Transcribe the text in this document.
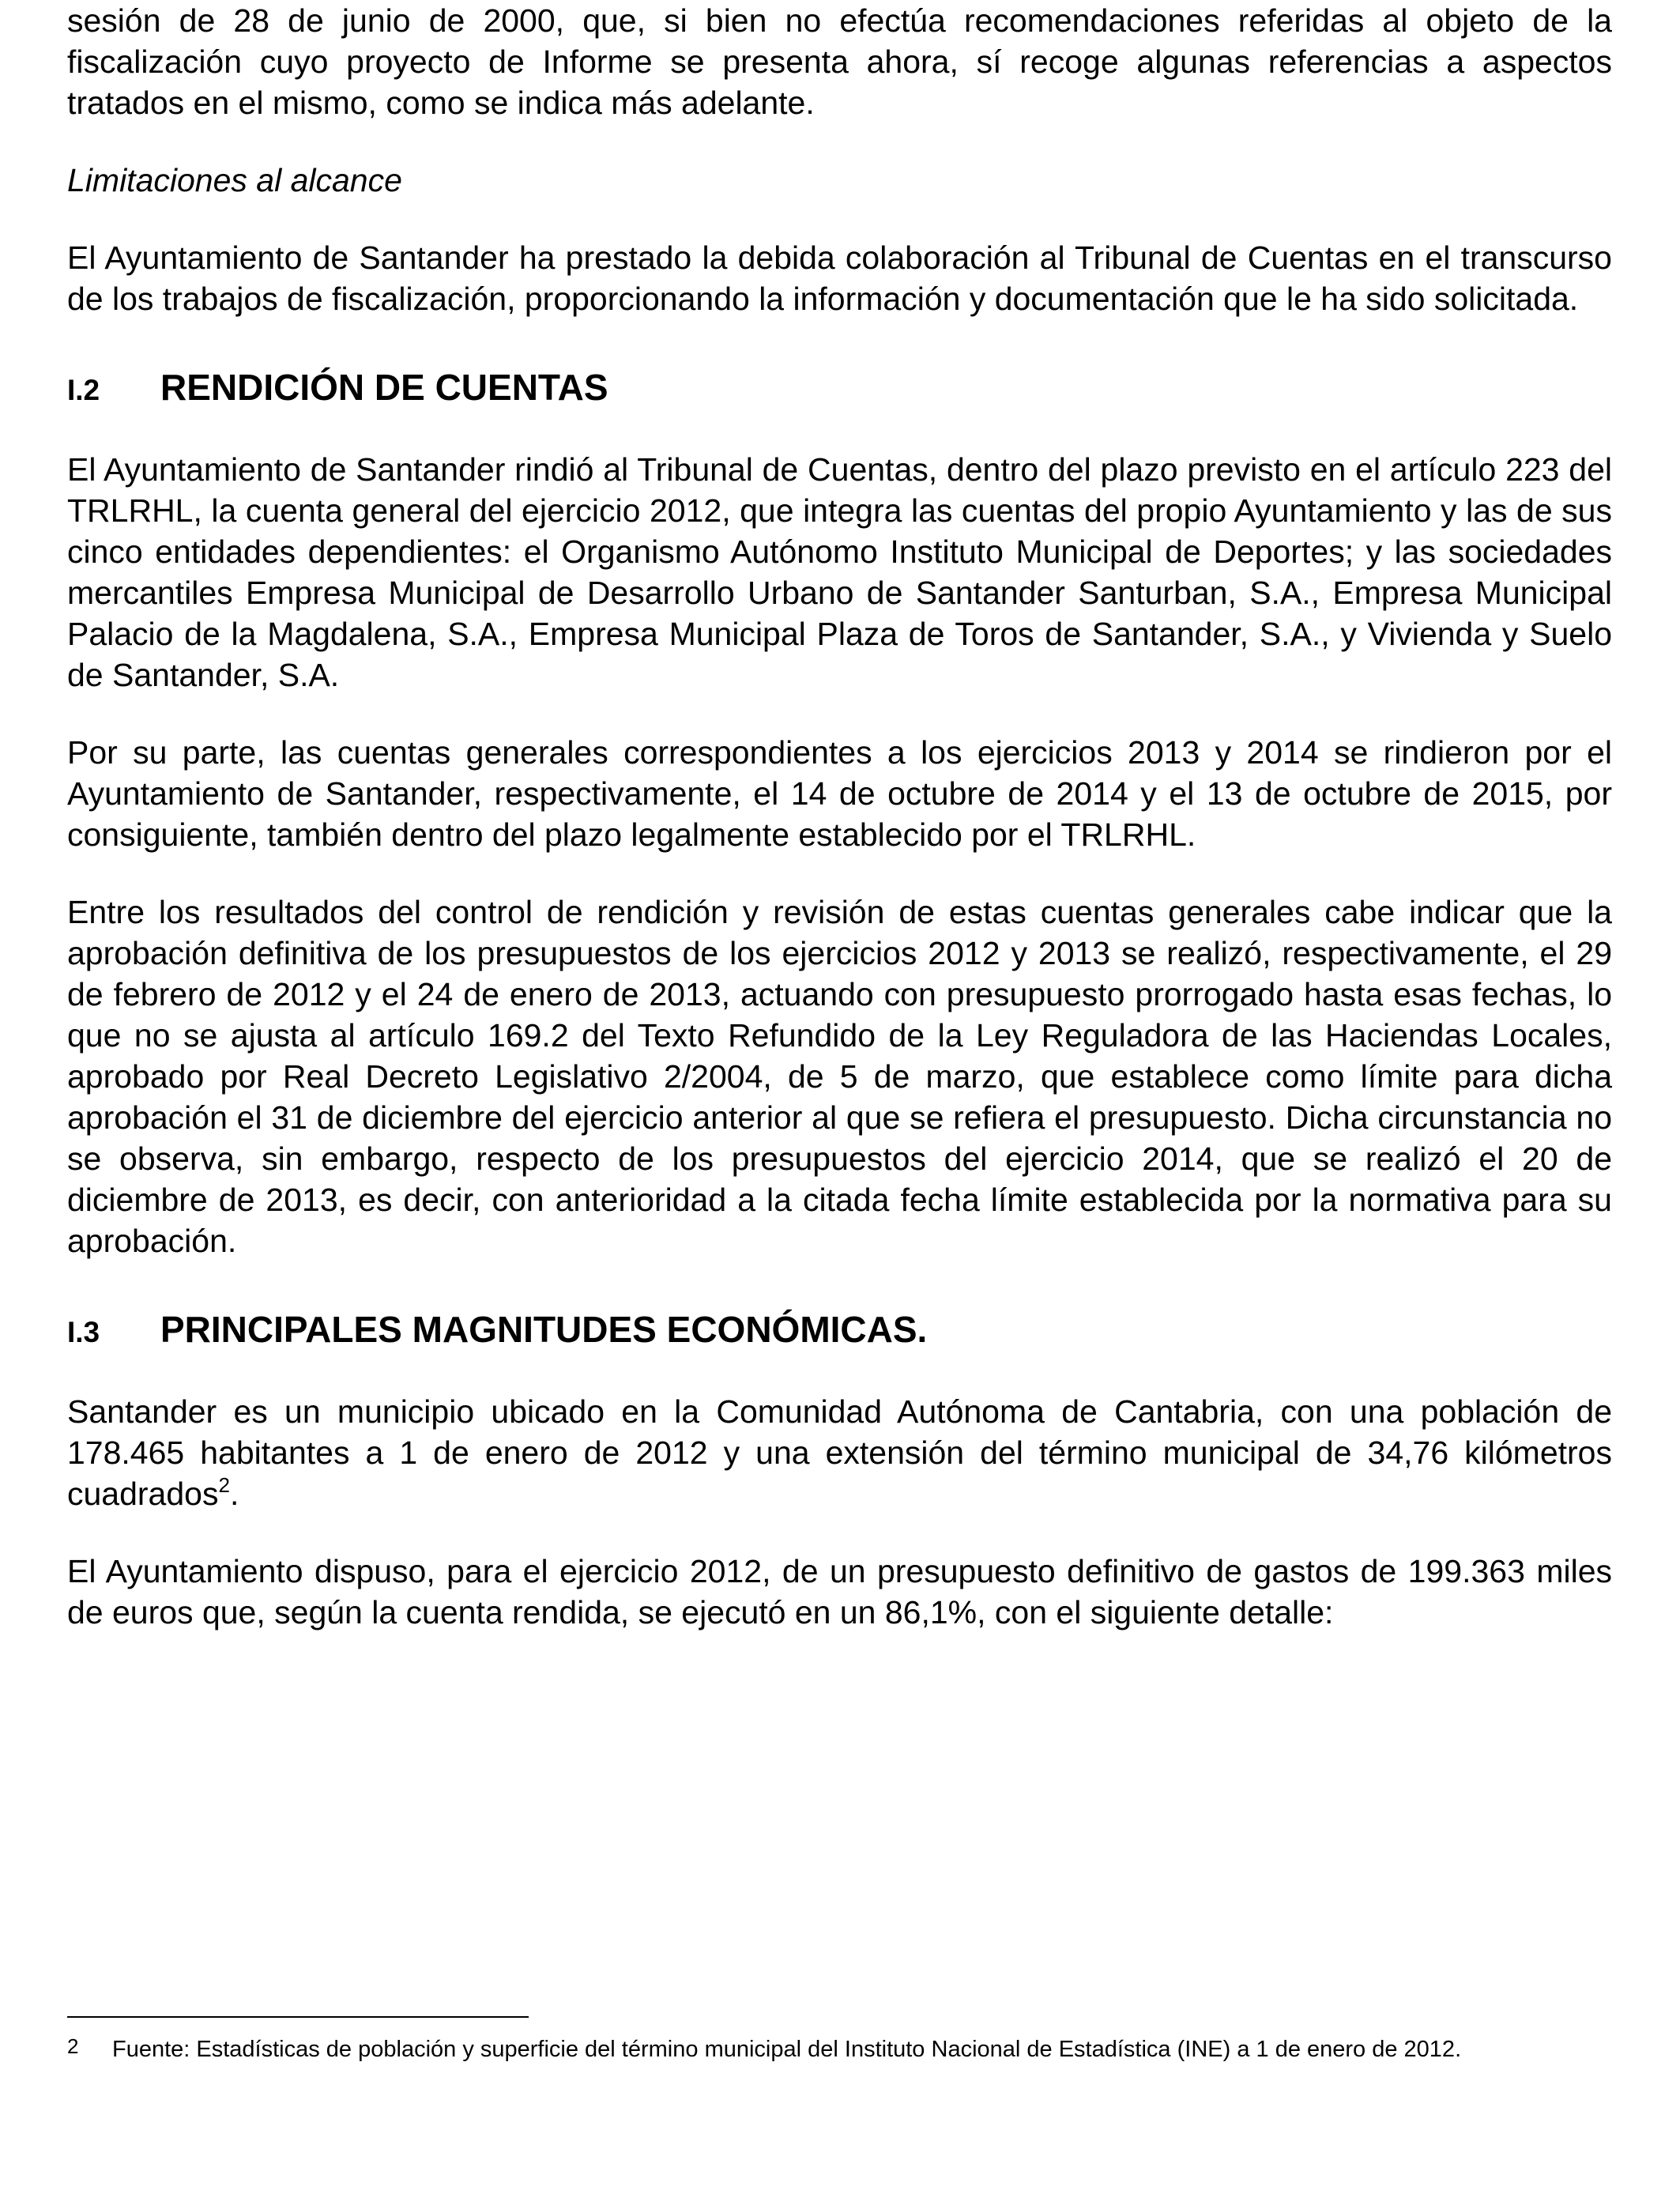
sesión de 28 de junio de 2000, que, si bien no efectúa recomendaciones referidas al objeto de la fiscalización cuyo proyecto de Informe se presenta ahora, sí recoge algunas referencias a aspectos tratados en el mismo, como se indica más adelante.

Limitaciones al alcance

El Ayuntamiento de Santander ha prestado la debida colaboración al Tribunal de Cuentas en el transcurso de los trabajos de fiscalización, proporcionando la información y documentación que le ha sido solicitada.

I.2	RENDICIÓN DE CUENTAS

El Ayuntamiento de Santander rindió al Tribunal de Cuentas, dentro del plazo previsto en el artículo 223 del TRLRHL, la cuenta general del ejercicio 2012, que integra las cuentas del propio Ayuntamiento y las de sus cinco entidades dependientes: el Organismo Autónomo Instituto Municipal de Deportes; y las sociedades mercantiles Empresa Municipal de Desarrollo Urbano de Santander Santurban, S.A., Empresa Municipal Palacio de la Magdalena, S.A., Empresa Municipal Plaza de Toros de Santander, S.A., y Vivienda y Suelo de Santander, S.A.

Por su parte, las cuentas generales correspondientes a los ejercicios 2013 y 2014 se rindieron por el Ayuntamiento de Santander, respectivamente, el 14 de octubre de 2014 y el 13 de octubre de 2015, por consiguiente, también dentro del plazo legalmente establecido por el TRLRHL.

Entre los resultados del control de rendición y revisión de estas cuentas generales cabe indicar que la aprobación definitiva de los presupuestos de los ejercicios 2012 y 2013 se realizó, respectivamente, el 29 de febrero de 2012 y el 24 de enero de 2013, actuando con presupuesto prorrogado hasta esas fechas, lo que no se ajusta al artículo 169.2 del Texto Refundido de la Ley Reguladora de las Haciendas Locales, aprobado por Real Decreto Legislativo 2/2004, de 5 de marzo, que establece como límite para dicha aprobación el 31 de diciembre del ejercicio anterior al que se refiera el presupuesto. Dicha circunstancia no se observa, sin embargo, respecto de los presupuestos del ejercicio 2014, que se realizó el 20 de diciembre de 2013, es decir, con anterioridad a la citada fecha límite establecida por la normativa para su aprobación.

I.3	PRINCIPALES MAGNITUDES ECONÓMICAS.

Santander es un municipio ubicado en la Comunidad Autónoma de Cantabria, con una población de 178.465 habitantes a 1 de enero de 2012 y una extensión del término municipal de 34,76 kilómetros cuadrados$^2$.

El Ayuntamiento dispuso, para el ejercicio 2012, de un presupuesto definitivo de gastos de 199.363 miles de euros que, según la cuenta rendida, se ejecutó en un 86,1%, con el siguiente detalle:

2	Fuente: Estadísticas de población y superficie del término municipal del Instituto Nacional de Estadística (INE) a 1 de enero de 2012.
